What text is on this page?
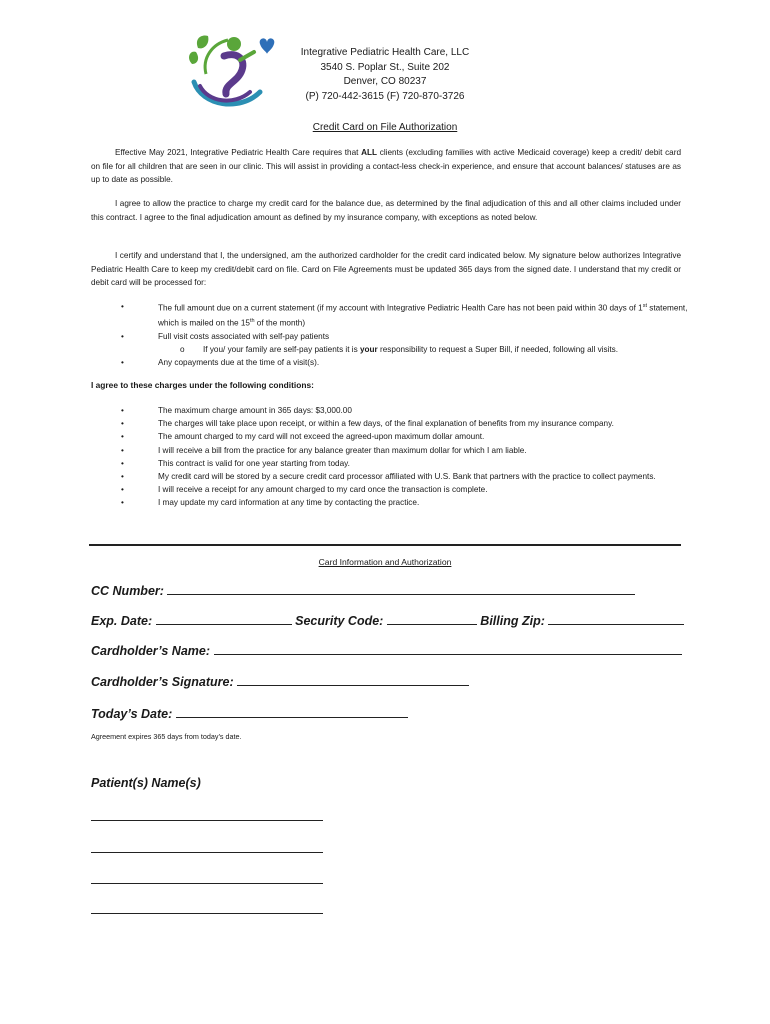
Integrative Pediatric Health Care, LLC
3540 S. Poplar St., Suite 202
Denver, CO 80237
(P) 720-442-3615 (F) 720-870-3726
Credit Card on File Authorization
Effective May 2021, Integrative Pediatric Health Care requires that ALL clients (excluding families with active Medicaid coverage) keep a credit/ debit card on file for all children that are seen in our clinic. This will assist in providing a contact-less check-in experience, and ensure that account balances/ statuses are as up to date as possible.
I agree to allow the practice to charge my credit card for the balance due, as determined by the final adjudication of this and all other claims included under this contract. I agree to the final adjudication amount as defined by my insurance company, with exceptions as noted below.
I certify and understand that I, the undersigned, am the authorized cardholder for the credit card indicated below. My signature below authorizes Integrative Pediatric Health Care to keep my credit/debit card on file. Card on File Agreements must be updated 365 days from the signed date. I understand that my credit or debit card will be processed for:
•	The full amount due on a current statement (if my account with Integrative Pediatric Health Care has not been paid within 30 days of 1st statement, which is mailed on the 15th of the month)
•	Full visit costs associated with self-pay patients
o If you/ your family are self-pay patients it is your responsibility to request a Super Bill, if needed, following all visits.
•	Any copayments due at the time of a visit(s).
I agree to these charges under the following conditions:
•	The maximum charge amount in 365 days: $3,000.00
•	The charges will take place upon receipt, or within a few days, of the final explanation of benefits from my insurance company.
•	The amount charged to my card will not exceed the agreed-upon maximum dollar amount.
•	I will receive a bill from the practice for any balance greater than maximum dollar for which I am liable.
•	This contract is valid for one year starting from today.
•	My credit card will be stored by a secure credit card processor affiliated with U.S. Bank that partners with the practice to collect payments.
•	I will receive a receipt for any amount charged to my card once the transaction is complete.
•	I may update my card information at any time by contacting the practice.
Card Information and Authorization
CC Number:
Exp. Date:	Security Code:	Billing Zip:
Cardholder’s Name:
Cardholder’s Signature:
Today’s Date:
Agreement expires 365 days from today’s date.
Patient(s) Name(s)
